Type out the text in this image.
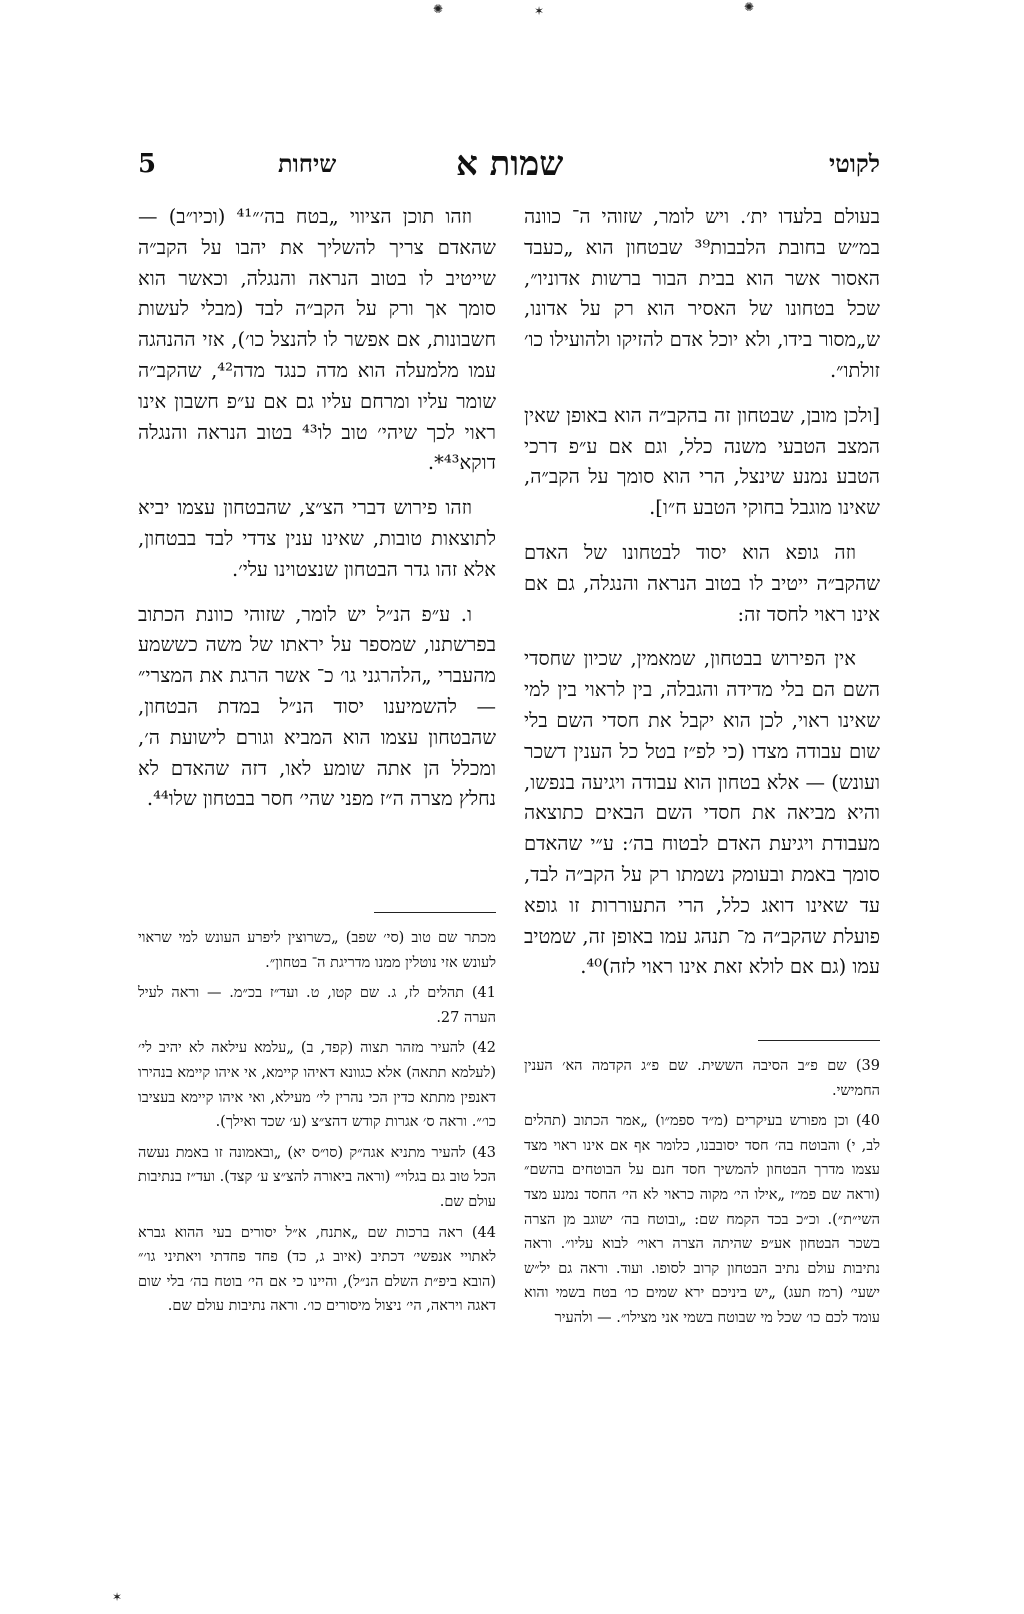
✺	✶	✺
✶
5	שיחות	שמות א	לקוטי

בעולם בלעדו ית׳. ויש לומר, שזוהי ה־ כוונה במ״ש בחובת הלבבות³⁹ שבטחון הוא „כעבד האסור אשר הוא בבית הבור ברשות אדוניו״, שכל בטחונו של האסיר הוא רק על אדונו, ש„מסור בידו, ולא יוכל אדם להזיקו ולהועילו כו׳ זולתו״.

[ולכן מובן, שבטחון זה בהקב״ה הוא באופן שאין המצב הטבעי משנה כלל, וגם אם ע״פ דרכי הטבע נמנע שינצל, הרי הוא סומך על הקב״ה, שאינו מוגבל בחוקי הטבע ח״ו].

וזה גופא הוא יסוד לבטחונו של האדם שהקב״ה ייטיב לו בטוב הנראה והנגלה, גם אם אינו ראוי לחסד זה:

אין הפירוש בבטחון, שמאמין, שכיון שחסדי השם הם בלי מדידה והגבלה, בין לראוי בין למי שאינו ראוי, לכן הוא יקבל את חסדי השם בלי שום עבודה מצדו (כי לפ״ז בטל כל הענין דשכר ועונש) — אלא בטחון הוא עבודה ויגיעה בנפשו, והיא מביאה את חסדי השם הבאים כתוצאה מעבודת ויגיעת האדם לבטוח בה׳: ע״י שהאדם סומך באמת ובעומק נשמתו רק על הקב״ה לבד, עד שאינו דואג כלל, הרי התעוררות זו גופא פועלת שהקב״ה מ־ תנהג עמו באופן זה, שמטיב עמו (גם אם לולא זאת אינו ראוי לזה)⁴⁰.

וזהו תוכן הציווי „בטח בה׳״⁴¹ (וכיו״ב) — שהאדם צריך להשליך את יהבו על הקב״ה שייטיב לו בטוב הנראה והנגלה, וכאשר הוא סומך אך ורק על הקב״ה לבד (מבלי לעשות חשבונות, אם אפשר לו להנצל כו׳), אזי ההנהגה עמו מלמעלה הוא מדה כנגד מדה⁴², שהקב״ה שומר עליו ומרחם עליו גם אם ע״פ חשבון אינו ראוי לכך שיהי׳ טוב לו⁴³ בטוב הנראה והנגלה דוקא⁴³*.

וזהו פירוש דברי הצ״צ, שהבטחון עצמו יביא לתוצאות טובות, שאינו ענין צדדי לבד בבטחון, אלא זהו גדר הבטחון שנצטוינו עלי׳.

ו. ע״פ הנ״ל יש לומר, שזוהי כוונת הכתוב בפרשתנו, שמספר על יראתו של משה כששמע מהעברי „הלהרגני גו׳ כ־ אשר הרגת את המצרי״ — להשמיענו יסוד הנ״ל במדת הבטחון, שהבטחון עצמו הוא המביא וגורם לישועת ה׳, ומכלל הן אתה שומע לאו, דזה שהאדם לא נחלץ מצרה ה״ז מפני שהי׳ חסר בבטחון שלו⁴⁴.

39) שם פ״ב הסיבה הששית. שם פ״ג הקדמה הא׳ הענין החמישי.

40) וכן מפורש בעיקרים (מ״ד ספמ״ו) „אמר הכתוב (תהלים לב, י) והבוטח בה׳ חסד יסובבנו, כלומר אף אם אינו ראוי מצד עצמו מדרך הבטחון להמשיך חסד חנם על הבוטחים בהשם״ (וראה שם פמ״ז „אילו הי׳ מקוה כראוי לא הי׳ החסד נמנע מצד השי״ת״). וכ״כ בכד הקמח שם: „ובוטח בה׳ ישוגב מן הצרה בשכר הבטחון אע״פ שהיתה הצרה ראוי׳ לבוא עליו״. וראה נתיבות עולם נתיב הבטחון קרוב לסופו. ועוד. וראה גם יל״ש ישעי׳ (רמז תעג) „יש ביניכם ירא שמים כו׳ בטח בשמי והוא עומד לכם כו׳ שכל מי שבוטח בשמי אני מצילו״. — ולהעיר

מכתר שם טוב (סי׳ שפב) „כשרוצין ליפרע העונש למי שראוי לעונש אזי נוטלין ממנו מדריגת ה־ בטחון״.

41) תהלים לז, ג. שם קטו, ט. ועד״ז בכ״מ. — וראה לעיל הערה 27.

42) להעיר מזהר תצוה (קפד, ב) „עלמא עילאה לא יהיב לי׳ (לעלמא תתאה) אלא כגוונא דאיהו קיימא, אי איהו קיימא בנהירו דאנפין מתתא כדין הכי נהרין לי׳ מעילא, ואי איהו קיימא בעציבו כו׳״. וראה ס׳ אגרות קודש דהצ״צ (ע׳ שכד ואילך).

43) להעיר מתניא אגה״ק (סו״ס יא) „ובאמונה זו באמת נעשה הכל טוב גם בגלוי״ (וראה ביאורה להצ״צ ע׳ קצד). ועד״ז בנתיבות עולם שם.

44) ראה ברכות שם „אתנח, א״ל יסורים בעי ההוא גברא לאתויי אנפשי׳ דכתיב (איוב ג, כד) פחד פחדתי ויאתיני גו׳״ (הובא ביפ״ת השלם הנ״ל), והיינו כי אם הי׳ בוטח בה׳ בלי שום דאגה ויראה, הי׳ ניצול מיסורים כו׳. וראה נתיבות עולם שם.
